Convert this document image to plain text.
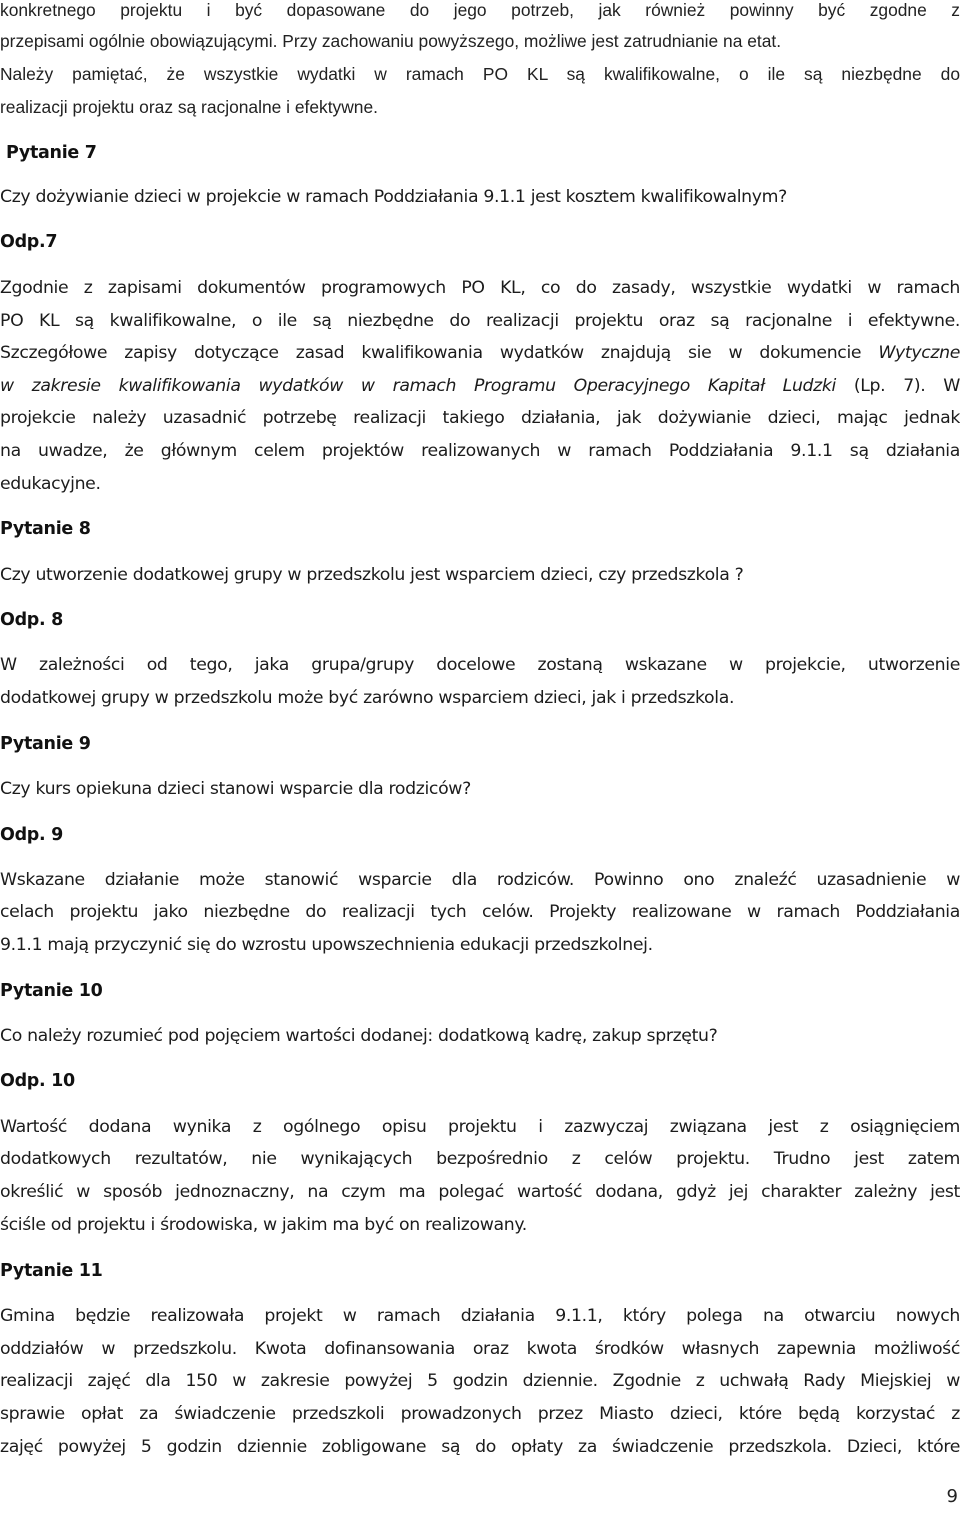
konkretnego projektu i być dopasowane do jego potrzeb, jak również powinny być zgodne z
przepisami ogólnie obowiązującymi. Przy zachowaniu powyższego, możliwe jest zatrudnianie na etat.
Należy pamiętać, że wszystkie wydatki w ramach PO KL są kwalifikowalne, o ile są niezbędne do
realizacji projektu oraz są racjonalne i efektywne.
Pytanie 7
Czy dożywianie dzieci w projekcie w ramach Poddziałania 9.1.1 jest kosztem kwalifikowalnym?
Odp.7
Zgodnie z zapisami dokumentów programowych PO KL, co do zasady, wszystkie wydatki w ramach
PO KL są kwalifikowalne, o ile są niezbędne do realizacji projektu oraz są racjonalne i efektywne.
Szczegółowe zapisy dotyczące zasad kwalifikowania wydatków znajdują sie w dokumencie Wytyczne
w zakresie kwalifikowania wydatków w ramach Programu Operacyjnego Kapitał Ludzki (Lp. 7). W
projekcie należy uzasadnić potrzebę realizacji takiego działania, jak dożywianie dzieci, mając jednak
na uwadze, że głównym celem projektów realizowanych w ramach Poddziałania 9.1.1 są działania
edukacyjne.
Pytanie 8
Czy utworzenie dodatkowej grupy w przedszkolu jest wsparciem dzieci, czy przedszkola ?
Odp. 8
W zależności od tego, jaka grupa/grupy docelowe zostaną wskazane w projekcie, utworzenie
dodatkowej grupy w przedszkolu może być zarówno wsparciem dzieci, jak i przedszkola.
Pytanie 9
Czy kurs opiekuna dzieci stanowi wsparcie dla rodziców?
Odp. 9
Wskazane działanie może stanowić wsparcie dla rodziców. Powinno ono znaleźć uzasadnienie w
celach projektu jako niezbędne do realizacji tych celów. Projekty realizowane w ramach Poddziałania
9.1.1 mają przyczynić się do wzrostu upowszechnienia edukacji przedszkolnej.
Pytanie 10
Co należy rozumieć pod pojęciem wartości dodanej: dodatkową kadrę, zakup sprzętu?
Odp. 10
Wartość dodana wynika z ogólnego opisu projektu i zazwyczaj związana jest z osiągnięciem
dodatkowych rezultatów, nie wynikających bezpośrednio z celów projektu. Trudno jest zatem
określić w sposób jednoznaczny, na czym ma polegać wartość dodana, gdyż jej charakter zależny jest
ściśle od projektu i środowiska, w jakim ma być on realizowany.
Pytanie 11
Gmina będzie realizowała projekt w ramach działania 9.1.1, który polega na otwarciu nowych
oddziałów w przedszkolu. Kwota dofinansowania oraz kwota środków własnych zapewnia możliwość
realizacji zajęć dla 150 w zakresie powyżej 5 godzin dziennie. Zgodnie z uchwałą Rady Miejskiej w
sprawie opłat za świadczenie przedszkoli prowadzonych przez Miasto dzieci, które będą korzystać z
zajęć powyżej 5 godzin dziennie zobligowane są do opłaty za świadczenie przedszkola. Dzieci, które
9
